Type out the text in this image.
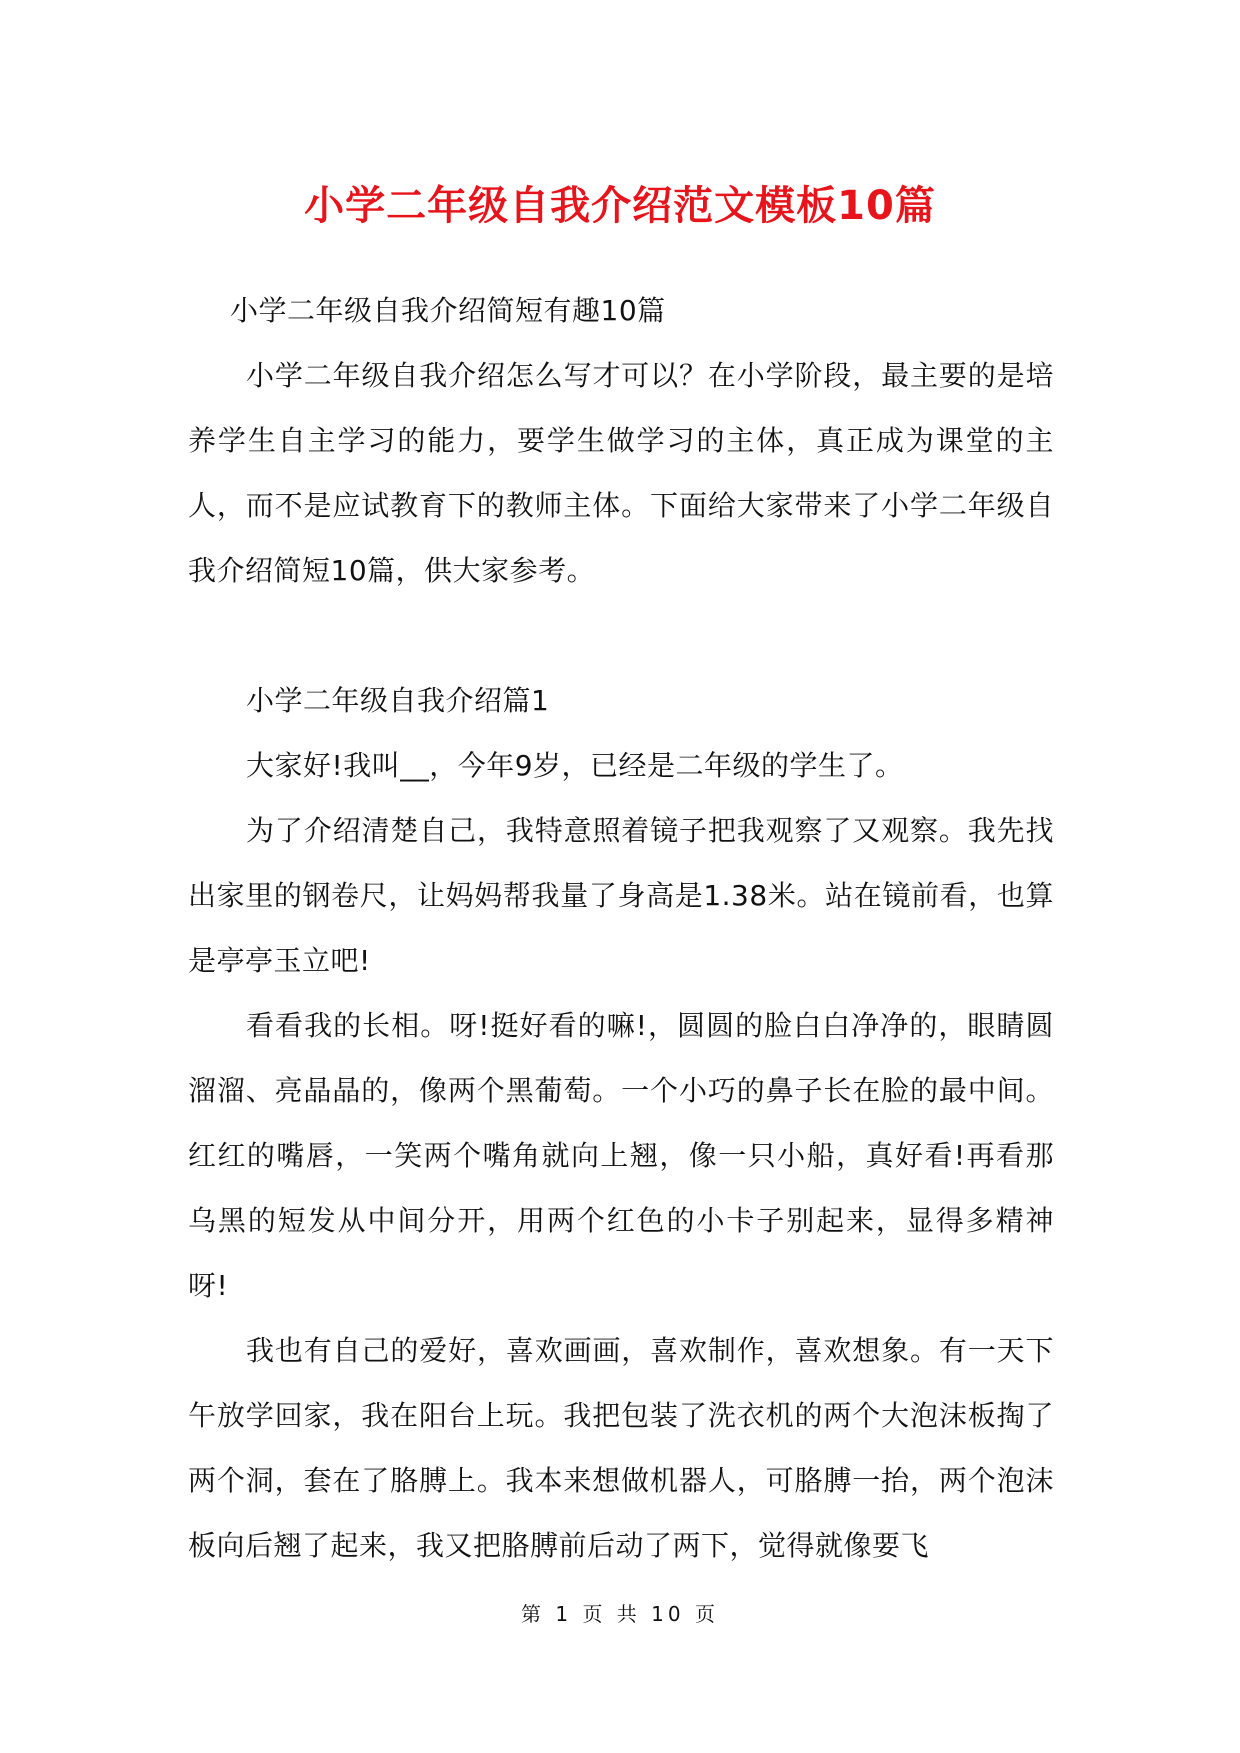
小学二年级自我介绍范文模板10篇

小学二年级自我介绍简短有趣10篇

小学二年级自我介绍怎么写才可以？在小学阶段，最主要的是培养学生自主学习的能力，要学生做学习的主体，真正成为课堂的主人，而不是应试教育下的教师主体。下面给大家带来了小学二年级自我介绍简短10篇，供大家参考。

小学二年级自我介绍篇1

大家好!我叫__，今年9岁，已经是二年级的学生了。

为了介绍清楚自己，我特意照着镜子把我观察了又观察。我先找出家里的钢卷尺，让妈妈帮我量了身高是1.38米。站在镜前看，也算是亭亭玉立吧!

看看我的长相。呀!挺好看的嘛!，圆圆的脸白白净净的，眼睛圆溜溜、亮晶晶的，像两个黑葡萄。一个小巧的鼻子长在脸的最中间。红红的嘴唇，一笑两个嘴角就向上翘，像一只小船，真好看!再看那乌黑的短发从中间分开，用两个红色的小卡子别起来，显得多精神呀!

我也有自己的爱好，喜欢画画，喜欢制作，喜欢想象。有一天下午放学回家，我在阳台上玩。我把包装了洗衣机的两个大泡沫板掏了两个洞，套在了胳膊上。我本来想做机器人，可胳膊一抬，两个泡沫板向后翘了起来，我又把胳膊前后动了两下，觉得就像要飞

第 1 页 共 10 页
